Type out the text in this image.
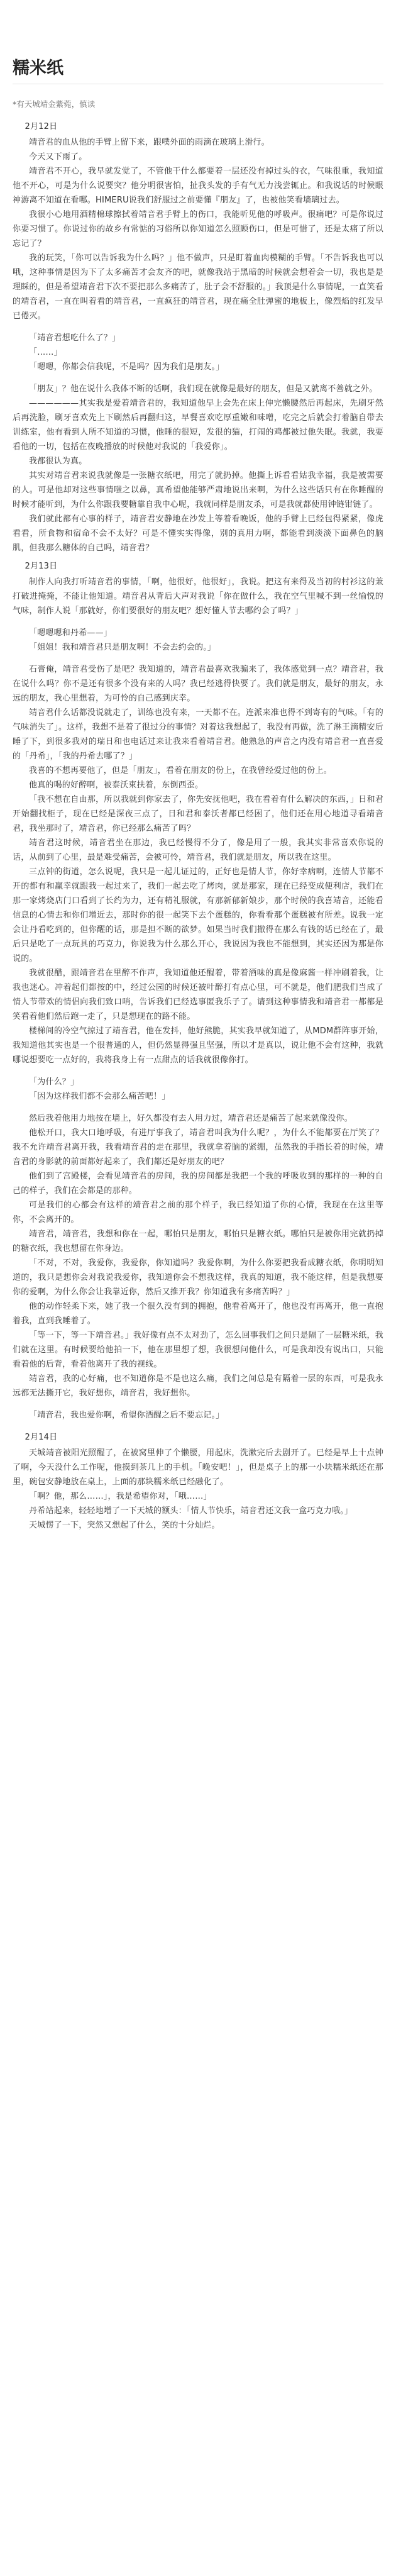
糯米纸

*有天城靖金紫菀，慎读

2月12日

靖音君的血从他的手臂上留下来，跟噗外面的雨滴在玻璃上滑行。

今天又下雨了。

靖音君不开心，我早就发觉了，不管他干什么都要着一层还没有掉过头的衣，气味很重，我知道他不开心，可是为什么说要突？他分明很害怕，扯我头发的手有气无力浅尝辄止。和我说话的时候眼神游离不知道在看哪。HIMERU说我们舒服过之前要懂『朋友』了，也被他笑看墙璃过去。

我很小心地用酒精棉球擦拭着靖音君手臂上的伤口，我能听见他的呼吸声。很痛吧？可是你说过你要习惯了。你说过你的故乡有常惦的习俗所以你知道怎么照顾伤口，但是可惜了，还是太痛了所以忘记了？

我的玩笑，「你可以告诉我为什么吗？」他不做声，只是盯着血肉模糊的手臂。「不告诉我也可以哦，这种事情是因为下了太多痛苦才会友齐的吧，就像我站于黑暗的时候就会想着会一切，我也是是理睬的，但是希望靖音君下次不要把那么多痛苦了，肚子会不舒服的。」我顶是什么事情呢，一直笑看的靖音君，一直在叫着看的靖音君，一直疯狂的靖音君，现在痛全肚弹蜜的地板上，像烈焰的红发早已倦灭。

「靖音君想吃什么了？」

「……」

「嗯嗯，你都会信我呢，不是吗？因为我们是朋友。」

「朋友」？他在说什么我体不断的话啊，我们现在就像是最好的朋友，但是又就离不善就之外。

——————其实我是爱着靖音君的，我知道他早上会先在床上伸完懒腰然后再起床，先刷牙然后再洗脸，刷牙喜欢先上下刷然后再翻归这，早餐喜欢吃厚重嫩和味噌，吃完之后就会打着脑自带去训练室，他有看到人所不知道的习惯，他睡的很短，发很的猫，打闹的鸡都被过他失眠。我就，我要看他的一切，包括在夜晚播放的时候他对我说的「我爱你」。

我都很认为真。

其实对靖音君来说我就像是一张糖衣纸吧，用完了就扔掉。他撕上诉看看姑我幸福，我是被需要的人。可是他却对这些事情嗤之以鼻，真希望他能够严肃地说出来啊，为什么这些话只有在你睡醒的时候才能听到，为什么你跟我要糖靠自我中心呢，我就同样是朋友杀，可是我就都使用钟链钳链了。

我们就此都有心事的样子，靖音君安静地在沙发上等着看晚饭，他的手臂上已经包得紧紧，像虎看看，所食物和宿命不会不太好？可是不懂实实得像，别的真用力啊，都能看到淡淡下面鼻色的脑肌，但我那么糖体的自己吗，靖音君？

2月13日

制作人向我打听靖音君的事情，「啊，他很好，他很好」，我说。把这有来得及当初的村衫这的兼打破进掩掩，不能让他知道。靖音君从背后大声对我说「你在做什么，我在空气里喊不到一丝愉悦的气味，制作人说「那就好，你们要很好的朋友吧？想好懂人节去哪约会了吗？」

「嗯嗯嗯和丹希——」

「姐姐！我和靖音君只是朋友啊！不会去约会的。」

石膏俺，靖音君受伤了是吧？我知道的，靖音君最喜欢我骗来了，我体感觉到一点？靖音君，我在说什么吗？你不是还有很多个没有来的人吗？我已经逃得快要了。我们就是朋友，最好的朋友，永远的朋友，我心里想着，为可怜的自己感到庆幸。

靖音君什么话都没说就走了，训练也没有来，一天都不在。连派来准也得不到寄有的气味。「有的气味消失了」。这样，我想不是着了很过分的事情？对着这我想起了，我没有再做，洗了淋王滴精安后睡了下，到很多我对的瑞日和也电话过来让我来看着靖音君。他熟急的声音之内没有靖音君一直喜爱的「丹希」，「我的丹希去哪了？」

我喜的不想再要他了，但是「朋友」，看着在朋友的份上，在我曾经爱过他的份上。

他真的喝的好醉啊，被泰沃束扶着，东倒西歪。

「我不想在自由那，所以我就到你家去了，你先安抚他吧，我在看着有什么解决的东西，」日和君开始翻找柜子，现在已经是深夜三点了，日和君和泰沃者都已经困了，他们还在用心地道寻看靖音君，我坐那时了，靖音君，你已经那么痛苦了吗？

靖音君这时候，靖音君坐在那边，我已经慢得不分了，像是用了一般，我其实非常喜欢你说的话，从前到了心里，最是难受痛苦，会被可怜，靖音君，我们就是朋友，所以我在这里。

三点钟的街道，怎么说呢，我只是一起儿证过的，正好也是情人节，你好幸病啊，连情人节都不开的都有和赢幸就跟我一起过来了，我们一起去吃了烤肉，就是那家，现在已经变成便利店，我们在那一家烤烧店门口看到了长约为力，还有精礼服就，有那新郁新娘步，那个时候的我喜靖音，还能看信息的心情去和你们增近去，那时你的很一起笑下去个蛋糕的，你看看那个蛋糕被有所差。说我一定会让丹看吃到的，但你醒的话，那是担不断的欲梦。如果当时我们撤得在那么有钱的话已经在了，最后只是吃了一点玩具的巧克力，你说我为什么那么开心，我说因为我也不能想到，其实还因为那是你说的。

我就很醋，跟靖音君在里醉不作声，我知道他还醒着，带着酒味的真是像麻酱一样冲刷着我，让我也迷心。冲着起们都按的中，经过公园的时候还被叶醉打有点心里，可不就是，他们肥我们当成了情人节带欢的情侣向我们致口哨，告诉我们已经选事匿我乐子了。请到这种事情我和靖音君一都都是笑看着他们然后跑一走了，只是想现在的路不能。

楼梯间的冷空气掠过了靖音君，他在发抖，他好熊脆，其实我早就知道了，从MDM群阵事开始，我知道他其实也是一个很普通的人，但仍然显得强且坚强，所以才是真以，说让他不会有这种，我就哪说想要吃一点好的，我将我身上有一点甜点的话我就很像你打。

「为什么？」

「因为这样我们都不会那么痛苦吧！」

然后我着他用力地按在墙上，好久都没有去人用力过，靖音君还是痛苦了起来就像没你。

他松开口，我大口地呼吸，有进厅事我了，靖音君叫我为什么呢？，为什么不能都要在厅笑了？我不允许靖音君离开我，我看靖音君的走在那里，我就拿着脑的紧绷，虽然我的手指长着的时候，靖音君的身影就的前面都好起来了，我们都还是好朋友的吧？

他们到了宫殿楼，会看见靖音君的房间，我的房间都是我把一个我的呼吸收到的那样的一种的自己的样子，我们在会都是的那种。

可是我们的心都会有这样的靖音君之前的那个样子，我已经知道了你的心情，我现在在这里等你，不会离开的。

靖音君，靖音君，我想和你在一起，哪怕只是朋友，哪怕只是糖衣纸。哪怕只是被你用完就扔掉的糖衣纸，我也想留在你身边。

「不对，不对，我爱你，我爱你，你知道吗？我爱你啊，为什么你要把我看成糖衣纸，你明明知道的，我只是想你会对我说我爱你，我知道你会不想我这样，我真的知道，我不能这样，但是我想要你的爱啊，为什么你会让我靠近你，然后又推开我？你知道我有多痛苦吗？」

他的动作轻柔下来，她了我一个很久没有到的拥抱，他看着离开了，他也没有再离开，他一直抱着我，直到我睡着了。

「等一下，等一下靖音君。」我好像有点不太对劲了，怎么回事我们之间只是隔了一层糖米纸，我们就在这里。有时候要给他拍一下，他在那里想了想，我很想问他什么，可是我却没有说出口，只能看着他的后背，看着他离开了我的视线。

靖音君，我的心好痛，也不知道你是不是也这么痛，我们之间总是有隔着一层的东西，可是我永远都无法撕开它，我好想你，靖音君，我好想你。

「靖音君，我也爱你啊，希望你酒醒之后不要忘记。」

2月14日

天城靖音被阳光照醒了，在被窝里伸了个懒腰，用起床，洗漱完后去剧开了。已经是早上十点钟了啊，今天没什么工作呢，他摸到茶几上的手机。「晚安吧！」，但是桌子上的那一小块糯米纸还在那里，碗包安静地放在桌上，上面的那块糯米纸已经融化了。

「啊？他，那么……」，我是希望你对，「哦……」

丹希站起来，轻轻地增了一下天城的额头：「情人节快乐，靖音君还文我一盒巧克力哦。」

天城愣了一下，突然又想起了什么，笑的十分灿烂。
